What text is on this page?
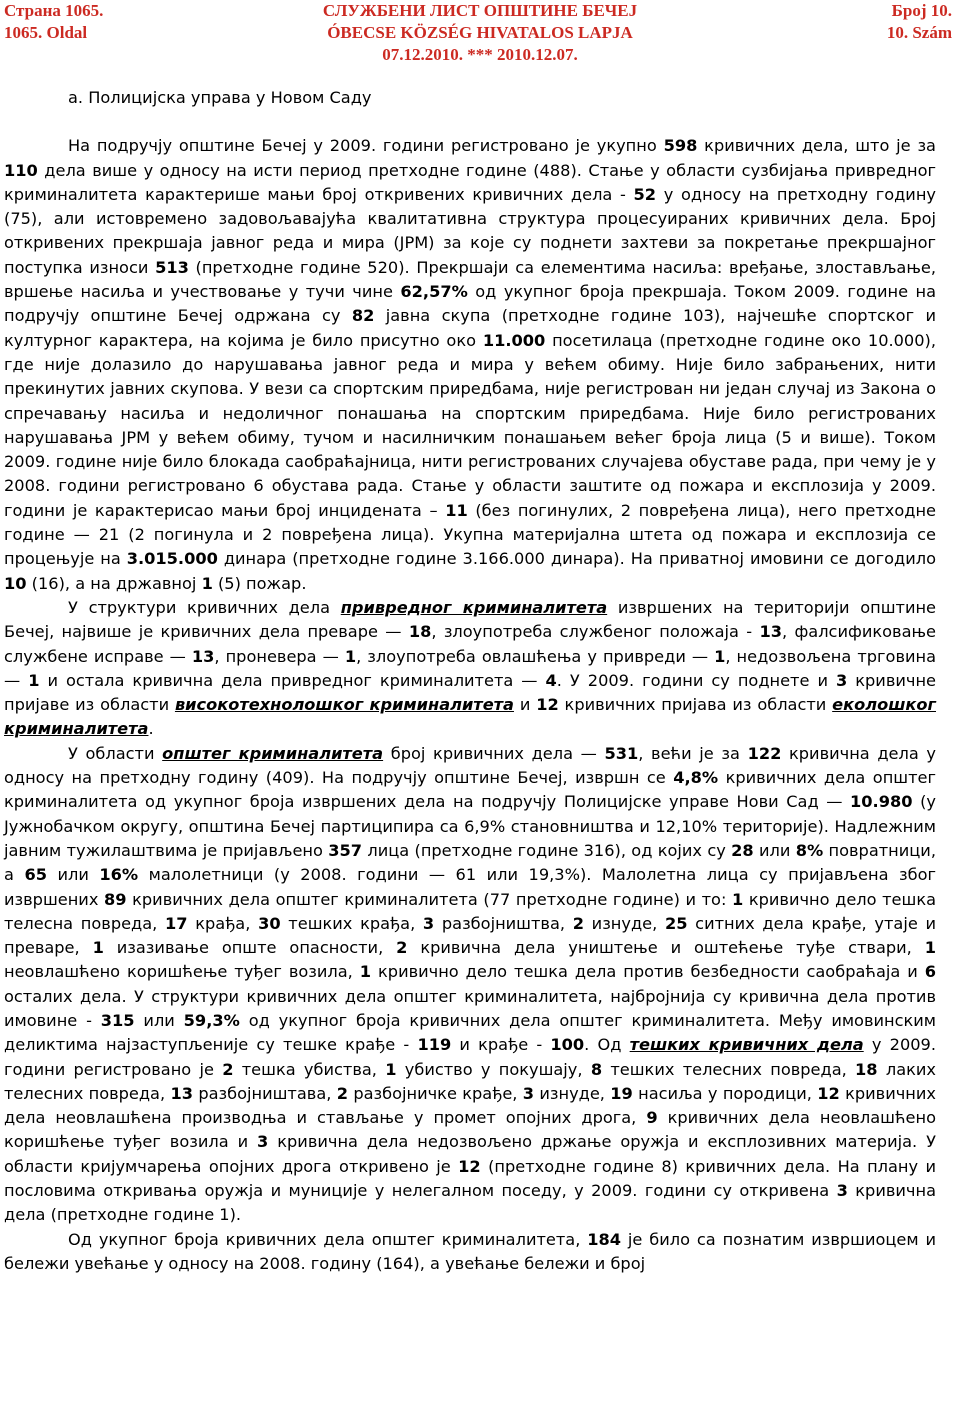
Страна 1065.
1065. Oldal
СЛУЖБЕНИ ЛИСТ ОПШТИНЕ БЕЧЕЈ
ÓBECSE KÖZSÉG HIVATALOS LAPJA
07.12.2010. *** 2010.12.07.
Број 10.
10. Szám
а. Полицијска управа у Новом Саду

На подручју општине Бечеј у 2009. години регистровано је укупно 598 кривичних дела, што је за 110 дела више у односу на исти период претходне године (488). Стање у области сузбијања привредног криминалитета карактерише мањи број откривених кривичних дела - 52 у односу на претходну годину (75), али истовремено задовољавајућа квалитативна структура процесуираних кривичних дела. Број откривених прекршаја јавног реда и мира (ЈРМ) за које су поднети захтеви за покретање прекршајног поступка износи 513 (претходне године 520). Прекршаји са елементима насиља: вређање, злостављање, вршење насиља и учествовање у тучи чине 62,57% од укупног броја прекршаја. Током 2009. године на подручју општине Бечеј одржана су 82 јавна скупа (претходне године 103), најчешће спортског и културног карактера, на којима је било присутно око 11.000 посетилаца (претходне године око 10.000), где није долазило до нарушавања јавног реда и мира у већем обиму. Није било забрањених, нити прекинутих јавних скупова. У вези са спортским приредбама, није регистрован ни један случај из Закона о спречавању насиља и недоличног понашања на спортским приредбама. Није било регистрованих нарушавања ЈРМ у већем обиму, тучом и насилничким понашањем већег броја лица (5 и више). Током 2009. године није било блокада саобраћајница, нити регистрованих случајева обуставе рада, при чему је у 2008. години регистровано 6 обустава рада. Стање у области заштите од пожара и експлозија у 2009. години је карактерисао мањи број инцидената – 11 (без погинулих, 2 повређена лица), него претходне године — 21 (2 погинула и 2 повређена лица). Укупна материјална штета од пожара и експлозија се процењује на 3.015.000 динара (претходне године 3.166.000 динара). На приватној имовини се догодило 10 (16), а на државној 1 (5) пожар.

У структури кривичних дела привредног криминалитета извршених на територији општине Бечеј, највише је кривичних дела преваре — 18, злоупотреба службеног положаја - 13, фалсификовање службене исправе — 13, проневера — 1, злоупотреба овлашћења у привреди — 1, недозвољена трговина — 1 и остала кривична дела привредног криминалитета — 4. У 2009. години су поднете и 3 кривичне пријаве из области високотехнолошког криминалитета и 12 кривичних пријава из области еколошког криминалитета.

У области општег криминалитета број кривичних дела — 531, већи је за 122 кривична дела у односу на претходну годину (409). На подручју општине Бечеј, извршн се 4,8% кривичних дела општег криминалитета од укупног броја извршених дела на подручју Полицијске управе Нови Сад — 10.980 (у Јужнобачком округу, општина Бечеј партиципира са 6,9% становништва и 12,10% територије). Надлежним јавним тужилаштвима је пријављено 357 лица (претходне године 316), од којих су 28 или 8% повратници, а 65 или 16% малолетници (у 2008. години — 61 или 19,3%). Малолетна лица су пријављена због извршених 89 кривичних дела општег криминалитета (77 претходне године) и то: 1 кривично дело тешка телесна повреда, 17 крађа, 30 тешких крађа, 3 разбојништва, 2 изнуде, 25 ситних дела крађе, утаје и преваре, 1 изазивање опште опасности, 2 кривична дела уништење и оштећење туђе ствари, 1 неовлашћено коришћење туђег возила, 1 кривично дело тешка дела против безбедности саобраћаја и 6 осталих дела. У структури кривичних дела општег криминалитета, најбројнија су кривична дела против имовине - 315 или 59,3% од укупног броја кривичних дела општег криминалитета. Међу имовинским деликтима најзаступљеније су тешке крађе - 119 и крађе - 100. Од тешких кривичних дела у 2009. години регистровано је 2 тешка убиства, 1 убиство у покушају, 8 тешких телесних повреда, 18 лаких телесних повреда, 13 разбојништава, 2 разбојничке крађе, 3 изнуде, 19 насиља у породици, 12 кривичних дела неовлашћена производња и стављање у промет опојних дрога, 9 кривичних дела неовлашћено коришћење туђег возила и 3 кривична дела недозвољено држање оружја и експлозивних материја. У области кријумчарења опојних дрога откривено је 12 (претходне године 8) кривичних дела. На плану и пословима откривања оружја и муниције у нелегалном поседу, у 2009. години су откривена 3 кривична дела (претходне године 1).

Од укупног броја кривичних дела општег криминалитета, 184 је било са познатим извршиоцем и бележи увећање у односу на 2008. годину (164), а увећање бележи и број
